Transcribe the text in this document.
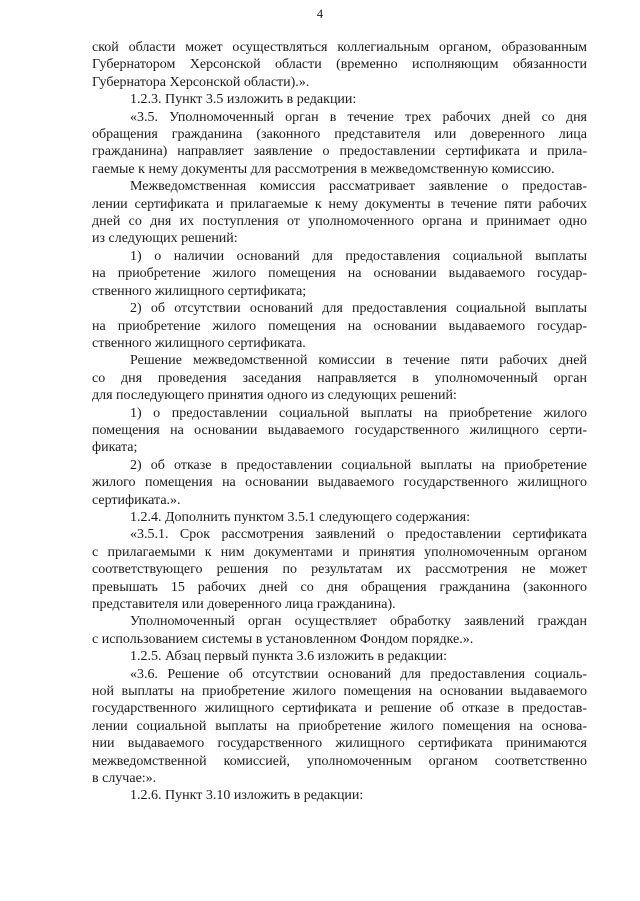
4

ской области может осуществляться коллегиальным органом, образованным
Губернатором Херсонской области (временно исполняющим обязанности
Губернатора Херсонской области).».

1.2.3. Пункт 3.5 изложить в редакции:

«3.5. Уполномоченный орган в течение трех рабочих дней со дня
обращения гражданина (законного представителя или доверенного лица
гражданина) направляет заявление о предоставлении сертификата и прила-
гаемые к нему документы для рассмотрения в межведомственную комиссию.

Межведомственная комиссия рассматривает заявление о предостав-
лении сертификата и прилагаемые к нему документы в течение пяти рабочих
дней со дня их поступления от уполномоченного органа и принимает одно
из следующих решений:

1) о наличии оснований для предоставления социальной выплаты
на приобретение жилого помещения на основании выдаваемого государ-
ственного жилищного сертификата;

2) об отсутствии оснований для предоставления социальной выплаты
на приобретение жилого помещения на основании выдаваемого государ-
ственного жилищного сертификата.

Решение межведомственной комиссии в течение пяти рабочих дней
со дня проведения заседания направляется в уполномоченный орган
для последующего принятия одного из следующих решений:

1) о предоставлении социальной выплаты на приобретение жилого
помещения на основании выдаваемого государственного жилищного серти-
фиката;

2) об отказе в предоставлении социальной выплаты на приобретение
жилого помещения на основании выдаваемого государственного жилищного
сертификата.».

1.2.4. Дополнить пунктом 3.5.1 следующего содержания:

«3.5.1. Срок рассмотрения заявлений о предоставлении сертификата
с прилагаемыми к ним документами и принятия уполномоченным органом
соответствующего решения по результатам их рассмотрения не может
превышать 15 рабочих дней со дня обращения гражданина (законного
представителя или доверенного лица гражданина).

Уполномоченный орган осуществляет обработку заявлений граждан
с использованием системы в установленном Фондом порядке.».

1.2.5. Абзац первый пункта 3.6 изложить в редакции:

«3.6. Решение об отсутствии оснований для предоставления социаль-
ной выплаты на приобретение жилого помещения на основании выдаваемого
государственного жилищного сертификата и решение об отказе в предостав-
лении социальной выплаты на приобретение жилого помещения на основа-
нии выдаваемого государственного жилищного сертификата принимаются
межведомственной комиссией, уполномоченным органом соответственно
в случае:».

1.2.6. Пункт 3.10 изложить в редакции:
